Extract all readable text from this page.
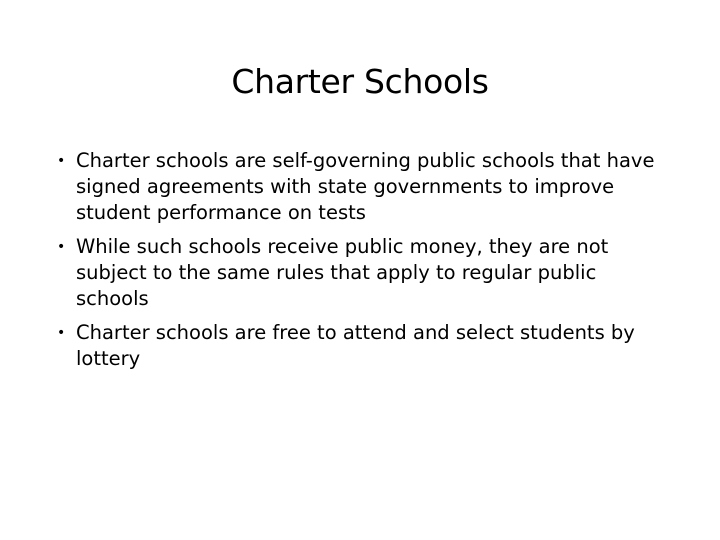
Charter Schools
• Charter schools are self-governing public schools that have signed agreements with state governments to improve student performance on tests
• While such schools receive public money, they are not subject to the same rules that apply to regular public schools
• Charter schools are free to attend and select students by lottery
